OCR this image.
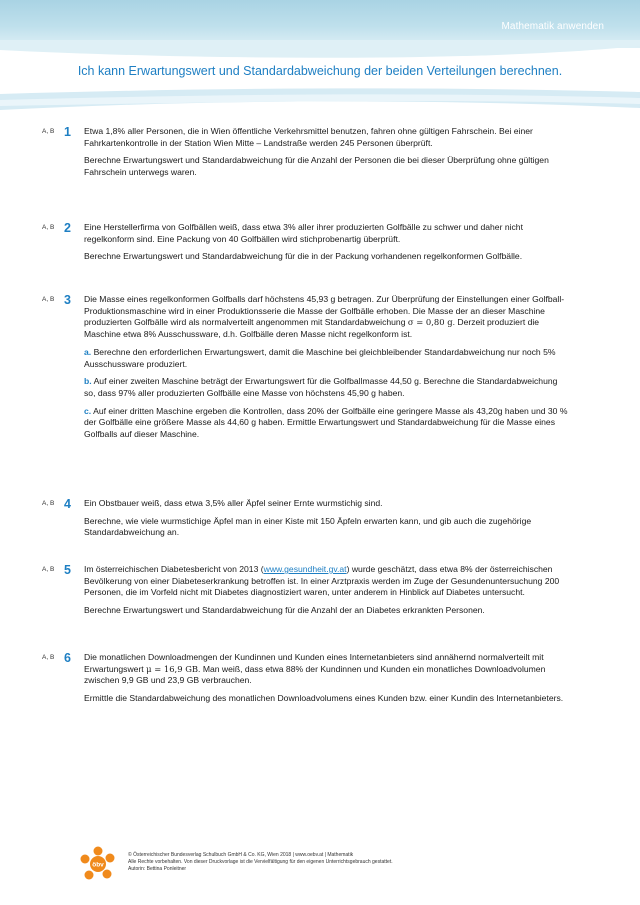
Mathematik anwenden
Ich kann Erwartungswert und Standardabweichung der beiden Verteilungen berechnen.
A, B 1 Etwa 1,8% aller Personen, die in Wien öffentliche Verkehrsmittel benutzen, fahren ohne gültigen Fahrschein. Bei einer Fahrkartenkontrolle in der Station Wien Mitte – Landstraße werden 245 Personen überprüft.

Berechne Erwartungswert und Standardabweichung für die Anzahl der Personen die bei dieser Überprüfung ohne gültigen Fahrschein unterwegs waren.

A, B 2 Eine Herstellerfirma von Golfbällen weiß, dass etwa 3% aller ihrer produzierten Golfbälle zu schwer und daher nicht regelkonform sind. Eine Packung von 40 Golfbällen wird stichprobenartig überprüft.

Berechne Erwartungswert und Standardabweichung für die in der Packung vorhandenen regelkonformen Golfbälle.

A, B 3 Die Masse eines regelkonformen Golfballs darf höchstens 45,93 g betragen. Zur Überprüfung der Einstellungen einer Golfball-Produktionsmaschine wird in einer Produktionsserie die Masse der Golfbälle erhoben. Die Masse der an dieser Maschine produzierten Golfbälle wird als normalverteilt angenommen mit Standardabweichung σ = 0,80 g. Derzeit produziert die Maschine etwa 8% Ausschussware, d.h. Golfbälle deren Masse nicht regelkonform ist.

a. Berechne den erforderlichen Erwartungswert, damit die Maschine bei gleichbleibender Standardabweichung nur noch 5% Ausschussware produziert.

b. Auf einer zweiten Maschine beträgt der Erwartungswert für die Golfballmasse 44,50 g. Berechne die Standardabweichung so, dass 97% aller produzierten Golfbälle eine Masse von höchstens 45,90 g haben.

c. Auf einer dritten Maschine ergeben die Kontrollen, dass 20% der Golfbälle eine geringere Masse als 43,20g haben und 30 % der Golfbälle eine größere Masse als 44,60 g haben. Ermittle Erwartungswert und Standardabweichung für die Masse eines Golfballs auf dieser Maschine.

A, B 4 Ein Obstbauer weiß, dass etwa 3,5% aller Äpfel seiner Ernte wurmstichig sind.

Berechne, wie viele wurmstichige Äpfel man in einer Kiste mit 150 Äpfeln erwarten kann, und gib auch die zugehörige Standardabweichung an.

A, B 5 Im österreichischen Diabetesbericht von 2013 (www.gesundheit.gv.at) wurde geschätzt, dass etwa 8% der österreichischen Bevölkerung von einer Diabeteserkrankung betroffen ist. In einer Arztpraxis werden im Zuge der Gesundenuntersuchung 200 Personen, die im Vorfeld nicht mit Diabetes diagnostiziert waren, unter anderem in Hinblick auf Diabetes untersucht.

Berechne Erwartungswert und Standardabweichung für die Anzahl der an Diabetes erkrankten Personen.

A, B 6 Die monatlichen Downloadmengen der Kundinnen und Kunden eines Internetanbieters sind annähernd normalverteilt mit Erwartungswert μ = 16,9 GB. Man weiß, dass etwa 88% der Kundinnen und Kunden ein monatliches Downloadvolumen zwischen 9,9 GB und 23,9 GB verbrauchen.

Ermittle die Standardabweichung des monatlichen Downloadvolumens eines Kunden bzw. einer Kundin des Internetanbieters.

öbv
© Österreichischer Bundesverlag Schulbuch GmbH & Co. KG, Wien 2018 | www.oebv.at | Mathematik
Alle Rechte vorbehalten. Von dieser Druckvorlage ist die Vervielfältigung für den eigenen Unterrichtsgebrauch gestattet.
Autorin: Bettina Ponleitner
